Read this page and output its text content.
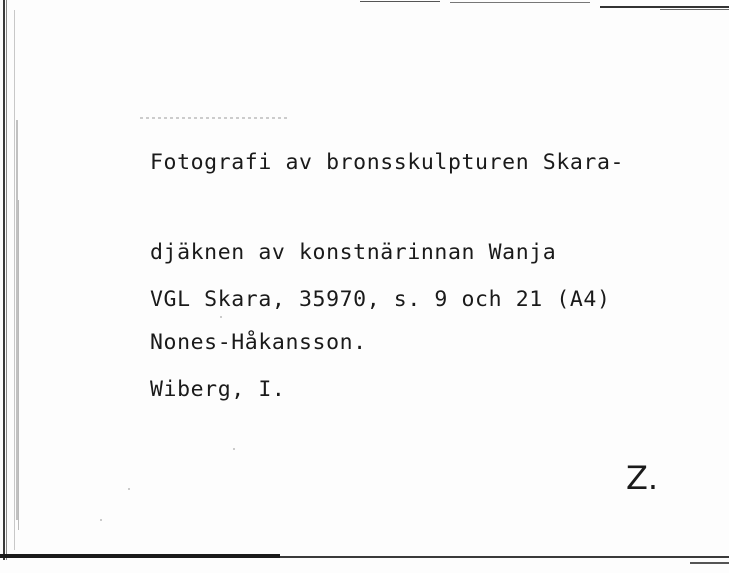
Fotografi av bronsskulpturen Skara-

djäknen av konstnärinnan Wanja

Nones-Håkansson.

VGL Skara, 35970, s. 9 och 21 (A4)

Wiberg, I.

Z.
